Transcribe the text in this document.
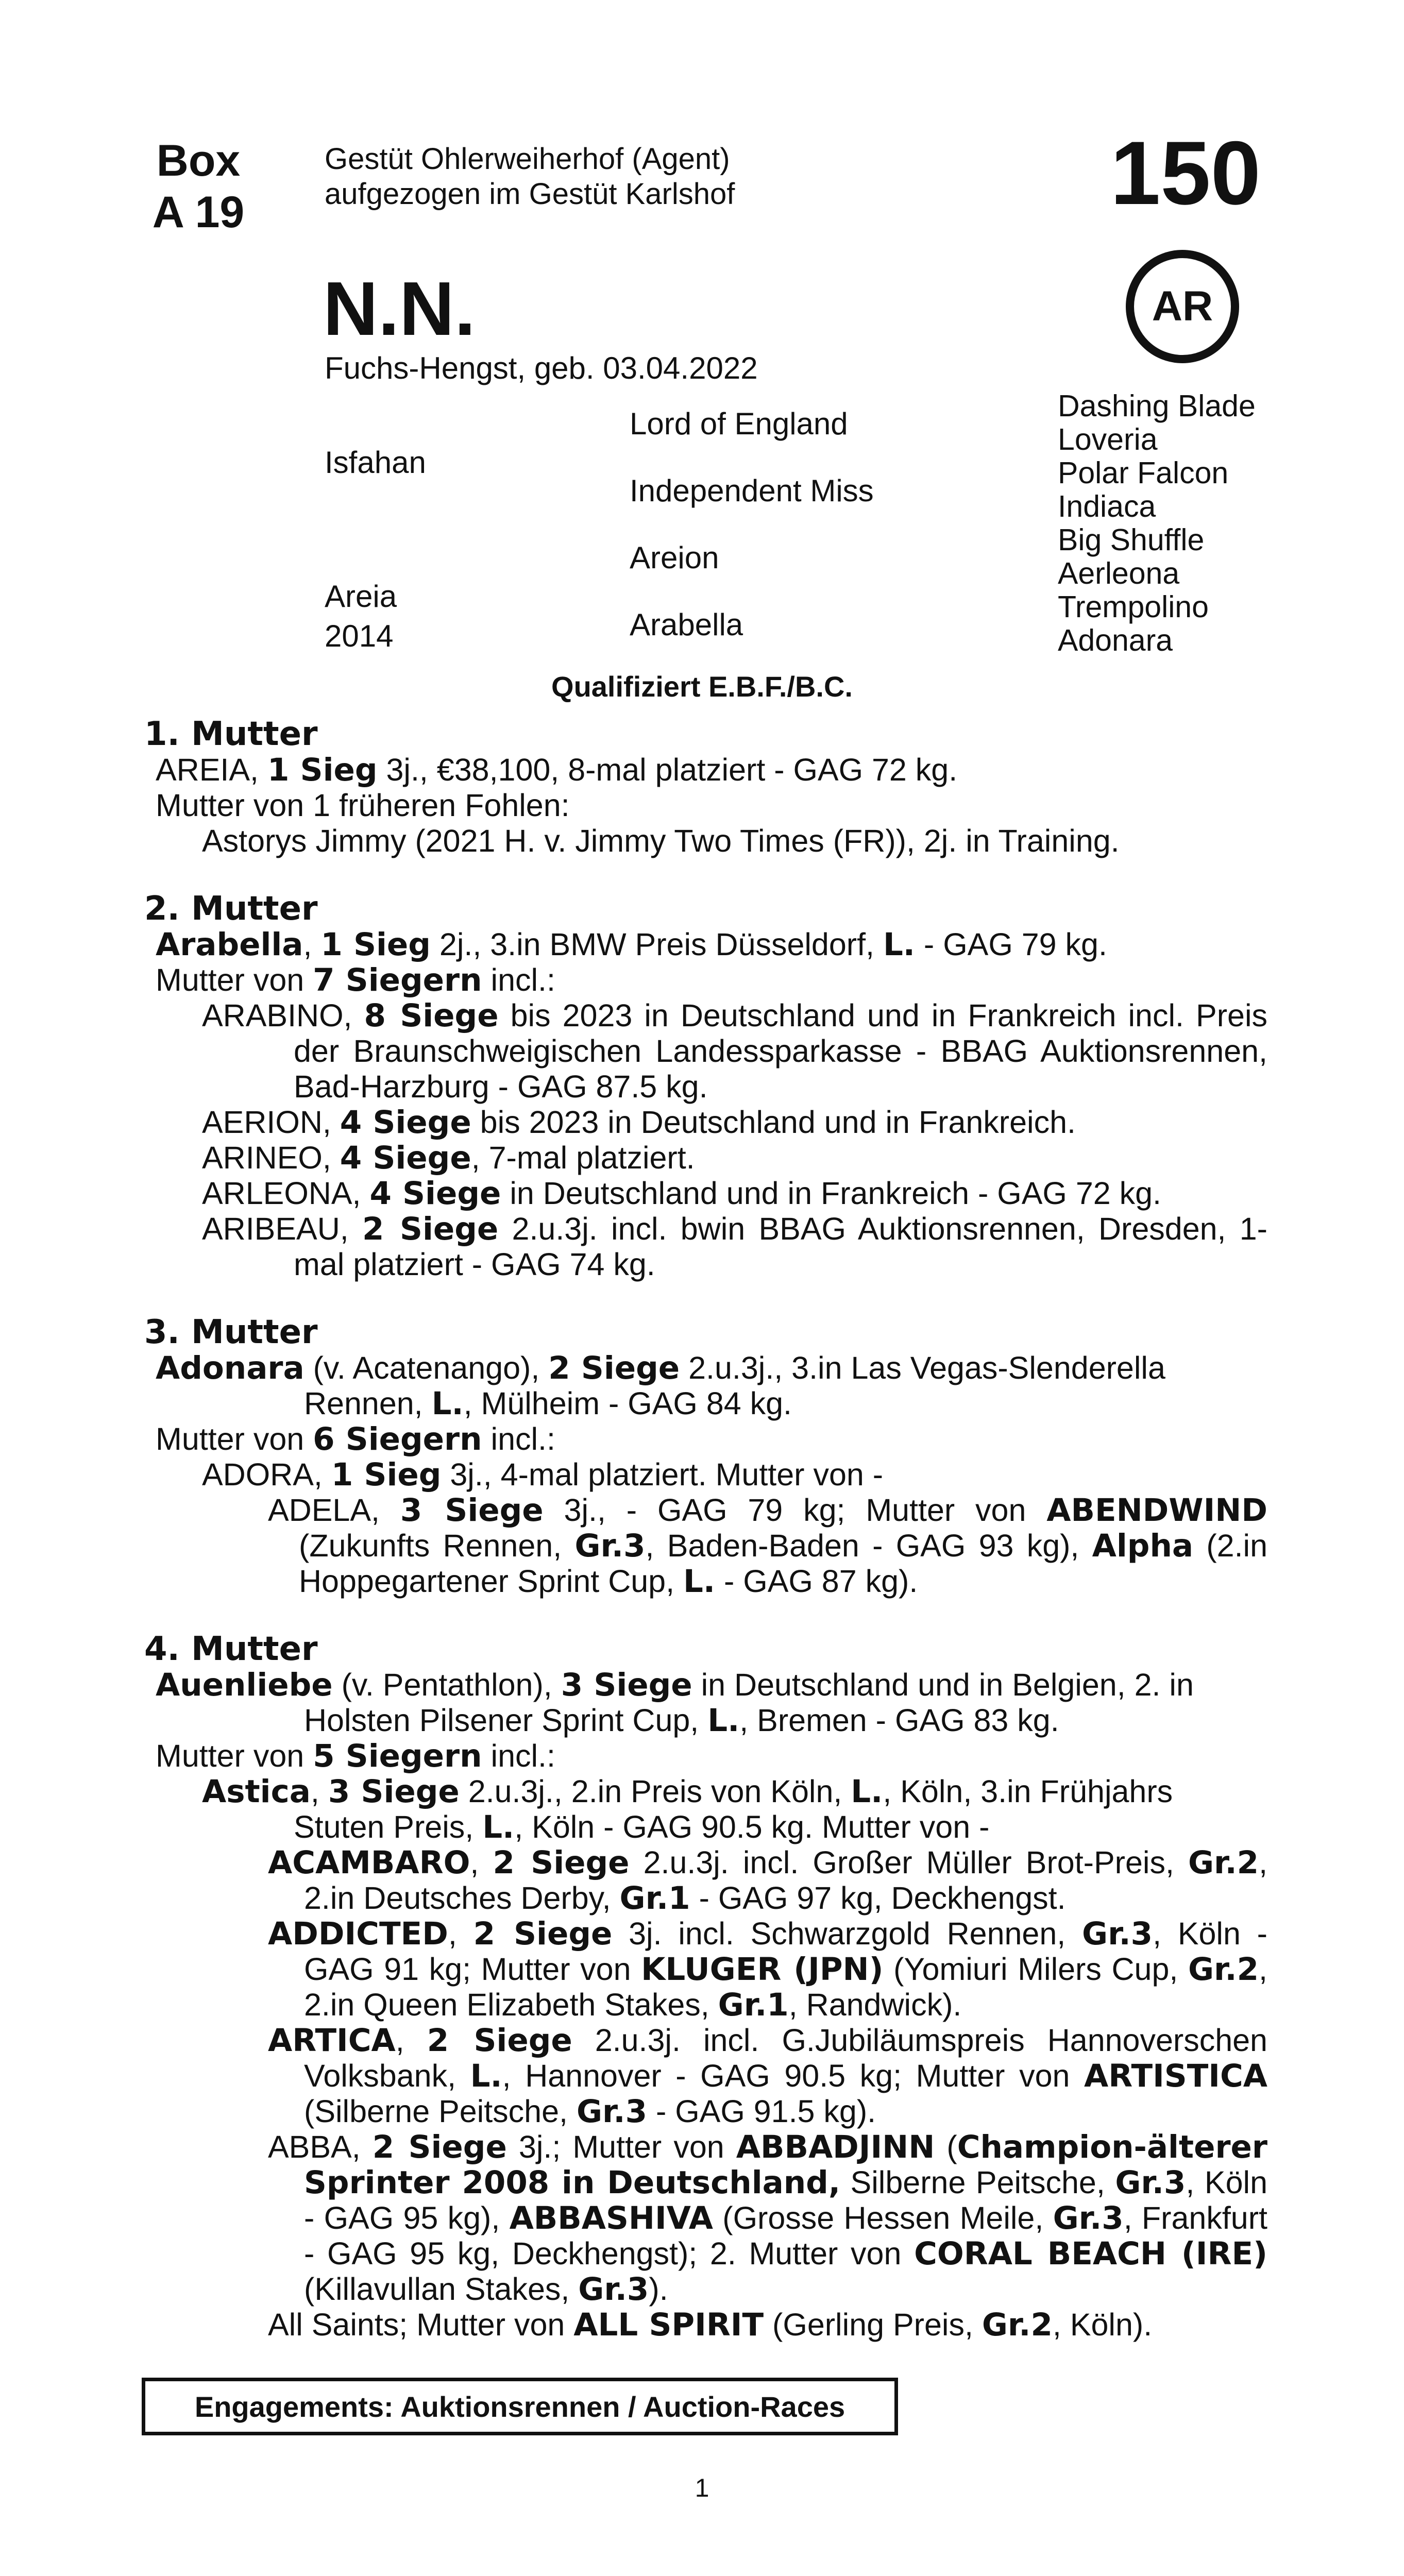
Box
A 19
Gestüt Ohlerweiherhof (Agent)
aufgezogen im Gestüt Karlshof	150
AR
N.N.
Fuchs-Hengst, geb. 03.04.2022
Isfahan
Areia
2014
Lord of England
Independent Miss
Areion
Arabella
Dashing Blade
Loveria
Polar Falcon
Indiaca
Big Shuffle
Aerleona
Trempolino
Adonara
Qualifiziert E.B.F./B.C.
1. Mutter
AREIA, 1 Sieg 3j., €38,100, 8-mal platziert - GAG 72 kg.
Mutter von 1 früheren Fohlen:
Astorys Jimmy (2021 H. v. Jimmy Two Times (FR)), 2j. in Training.
2. Mutter
Arabella, 1 Sieg 2j., 3.in BMW Preis Düsseldorf, L. - GAG 79 kg.
Mutter von 7 Siegern incl.:
ARABINO, 8 Siege bis 2023 in Deutschland und in Frankreich incl. Preis der Braunschweigischen Landessparkasse - BBAG Auktionsrennen, Bad-Harzburg - GAG 87.5 kg.
AERION, 4 Siege bis 2023 in Deutschland und in Frankreich.
ARINEO, 4 Siege, 7-mal platziert.
ARLEONA, 4 Siege in Deutschland und in Frankreich - GAG 72 kg.
ARIBEAU, 2 Siege 2.u.3j. incl. bwin BBAG Auktionsrennen, Dresden, 1-mal platziert - GAG 74 kg.
3. Mutter
Adonara (v. Acatenango), 2 Siege 2.u.3j., 3.in Las Vegas-Slenderella Rennen, L., Mülheim - GAG 84 kg.
Mutter von 6 Siegern incl.:
ADORA, 1 Sieg 3j., 4-mal platziert. Mutter von -
ADELA, 3 Siege 3j., - GAG 79 kg; Mutter von ABENDWIND (Zukunfts Rennen, Gr.3, Baden-Baden - GAG 93 kg), Alpha (2.in Hoppegartener Sprint Cup, L. - GAG 87 kg).
4. Mutter
Auenliebe (v. Pentathlon), 3 Siege in Deutschland und in Belgien, 2. in Holsten Pilsener Sprint Cup, L., Bremen - GAG 83 kg.
Mutter von 5 Siegern incl.:
Astica, 3 Siege 2.u.3j., 2.in Preis von Köln, L., Köln, 3.in Frühjahrs Stuten Preis, L., Köln - GAG 90.5 kg. Mutter von -
ACAMBARO, 2 Siege 2.u.3j. incl. Großer Müller Brot-Preis, Gr.2, 2.in Deutsches Derby, Gr.1 - GAG 97 kg, Deckhengst.
ADDICTED, 2 Siege 3j. incl. Schwarzgold Rennen, Gr.3, Köln - GAG 91 kg; Mutter von KLUGER (JPN) (Yomiuri Milers Cup, Gr.2, 2.in Queen Elizabeth Stakes, Gr.1, Randwick).
ARTICA, 2 Siege 2.u.3j. incl. G.Jubiläumspreis Hannoverschen Volksbank, L., Hannover - GAG 90.5 kg; Mutter von ARTISTICA (Silberne Peitsche, Gr.3 - GAG 91.5 kg).
ABBA, 2 Siege 3j.; Mutter von ABBADJINN (Champion-älterer Sprinter 2008 in Deutschland, Silberne Peitsche, Gr.3, Köln - GAG 95 kg), ABBASHIVA (Grosse Hessen Meile, Gr.3, Frankfurt - GAG 95 kg, Deckhengst); 2. Mutter von CORAL BEACH (IRE) (Killavullan Stakes, Gr.3).
All Saints; Mutter von ALL SPIRIT (Gerling Preis, Gr.2, Köln).
Engagements: Auktionsrennen / Auction-Races
1
